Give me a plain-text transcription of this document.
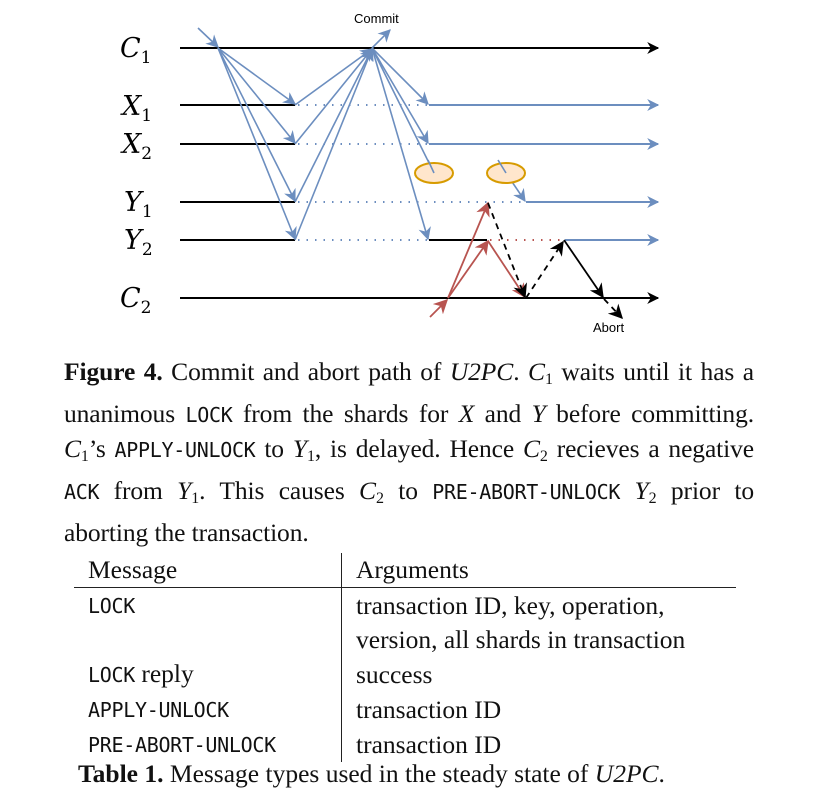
$C_1$
$X_1$
$X_2$
$Y_1$
$Y_2$
$C_2$
Commit
Abort
Figure 4. Commit and abort path of U2PC. C1 waits until it has a unanimous LOCK from the shards for X and Y before committing. C1’s APPLY-UNLOCK to Y1, is delayed. Hence C2 recieves a negative ACK from Y1. This causes C2 to PRE-ABORT-UNLOCK Y2 prior to aborting the transaction.
Message	Arguments
LOCK	transaction ID, key, operation,
	version, all shards in transaction
LOCK reply	success
APPLY-UNLOCK	transaction ID
PRE-ABORT-UNLOCK	transaction ID
Table 1. Message types used in the steady state of U2PC.
